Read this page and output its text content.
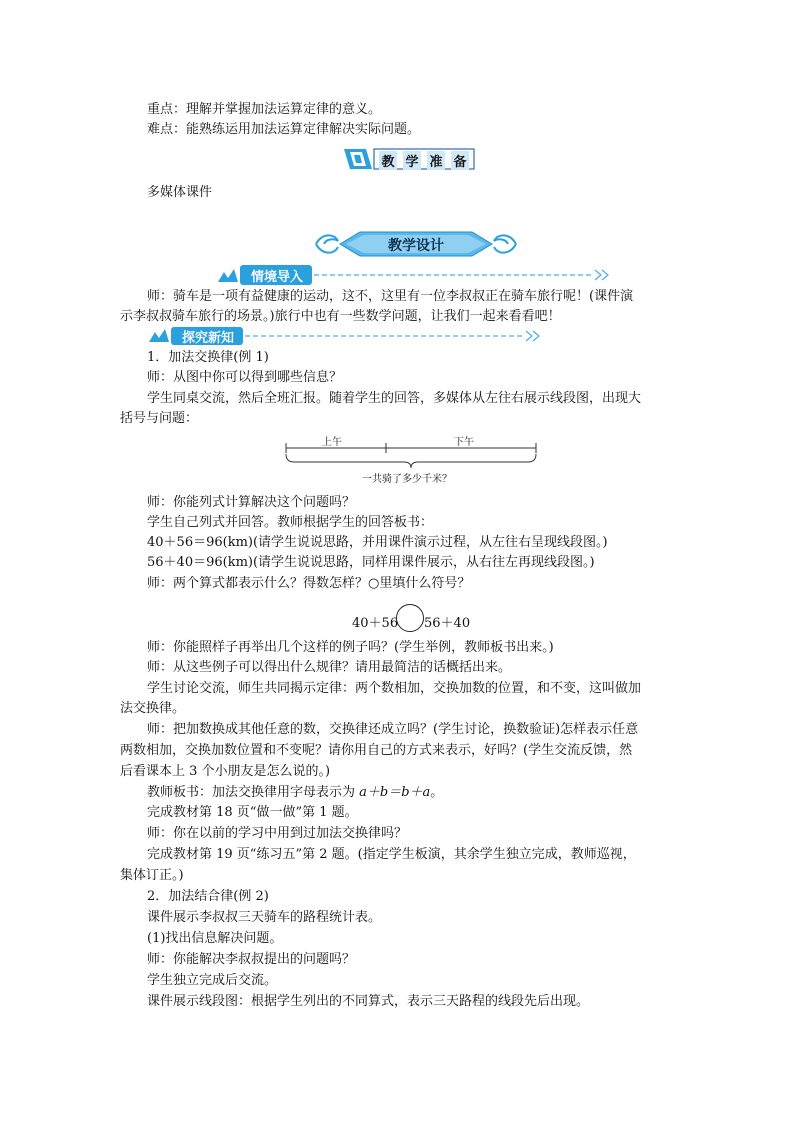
重点：理解并掌握加法运算定律的意义。
难点：能熟练运用加法运算定律解决实际问题。
教 学 准 备
多媒体课件
教学设计
情境导入
师：骑车是一项有益健康的运动，这不，这里有一位李叔叔正在骑车旅行呢！(课件演
示李叔叔骑车旅行的场景。)旅行中也有一些数学问题，让我们一起来看看吧！
探究新知
1．加法交换律(例 1)
师：从图中你可以得到哪些信息？
学生同桌交流，然后全班汇报。随着学生的回答，多媒体从左往右展示线段图，出现大
括号与问题：
上午	下午
一共骑了多少千米？
师：你能列式计算解决这个问题吗？
学生自己列式并回答。教师根据学生的回答板书：
40＋56＝96(km)(请学生说说思路，并用课件演示过程，从左往右呈现线段图。)
56＋40＝96(km)(请学生说说思路，同样用课件展示，从右往左再现线段图。)
师：两个算式都表示什么？得数怎样？○里填什么符号？
40＋56 56＋40
师：你能照样子再举出几个这样的例子吗？(学生举例，教师板书出来。)
师：从这些例子可以得出什么规律？请用最简洁的话概括出来。
学生讨论交流，师生共同揭示定律：两个数相加，交换加数的位置，和不变，这叫做加
法交换律。
师：把加数换成其他任意的数，交换律还成立吗？(学生讨论，换数验证)怎样表示任意
两数相加，交换加数位置和不变呢？请你用自己的方式来表示，好吗？(学生交流反馈，然
后看课本上 3 个小朋友是怎么说的。)
教师板书：加法交换律用字母表示为 a＋b＝b＋a。
完成教材第 18 页“做一做”第 1 题。
师：你在以前的学习中用到过加法交换律吗？
完成教材第 19 页“练习五”第 2 题。(指定学生板演，其余学生独立完成，教师巡视，
集体订正。)
2．加法结合律(例 2)
课件展示李叔叔三天骑车的路程统计表。
(1)找出信息解决问题。
师：你能解决李叔叔提出的问题吗？
学生独立完成后交流。
课件展示线段图：根据学生列出的不同算式，表示三天路程的线段先后出现。
